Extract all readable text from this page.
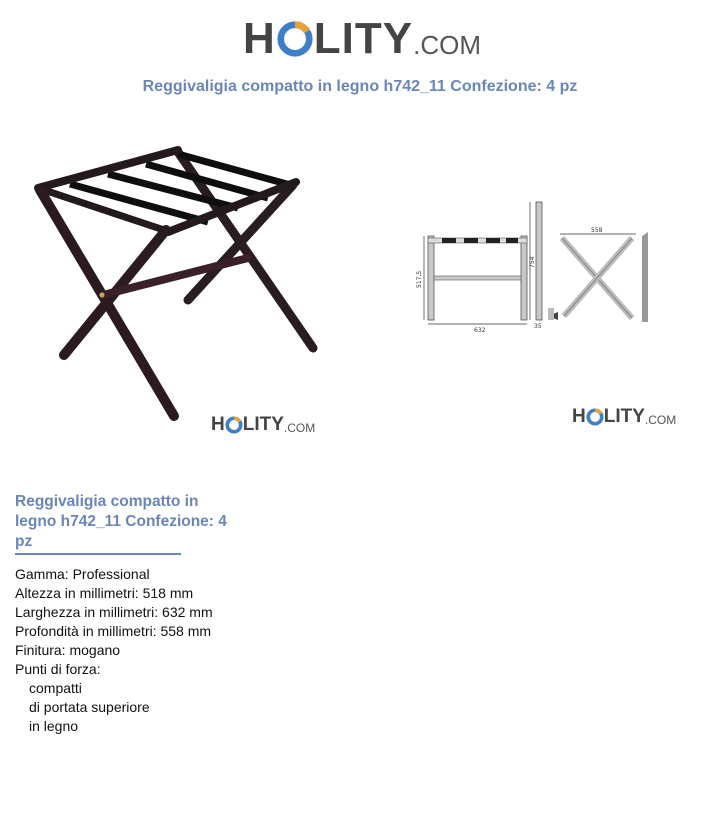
H LITY .COM
Reggivaligia compatto in legno h742_11 Confezione: 4 pz
H LITY .COM
632
517,5
754
35
558
H LITY .COM
Reggivaligia compatto in legno h742_11 Confezione: 4 pz
Gamma: Professional
Altezza in millimetri: 518 mm
Larghezza in millimetri: 632 mm
Profondità in millimetri: 558 mm
Finitura: mogano
Punti di forza:
compatti
di portata superiore
in legno
